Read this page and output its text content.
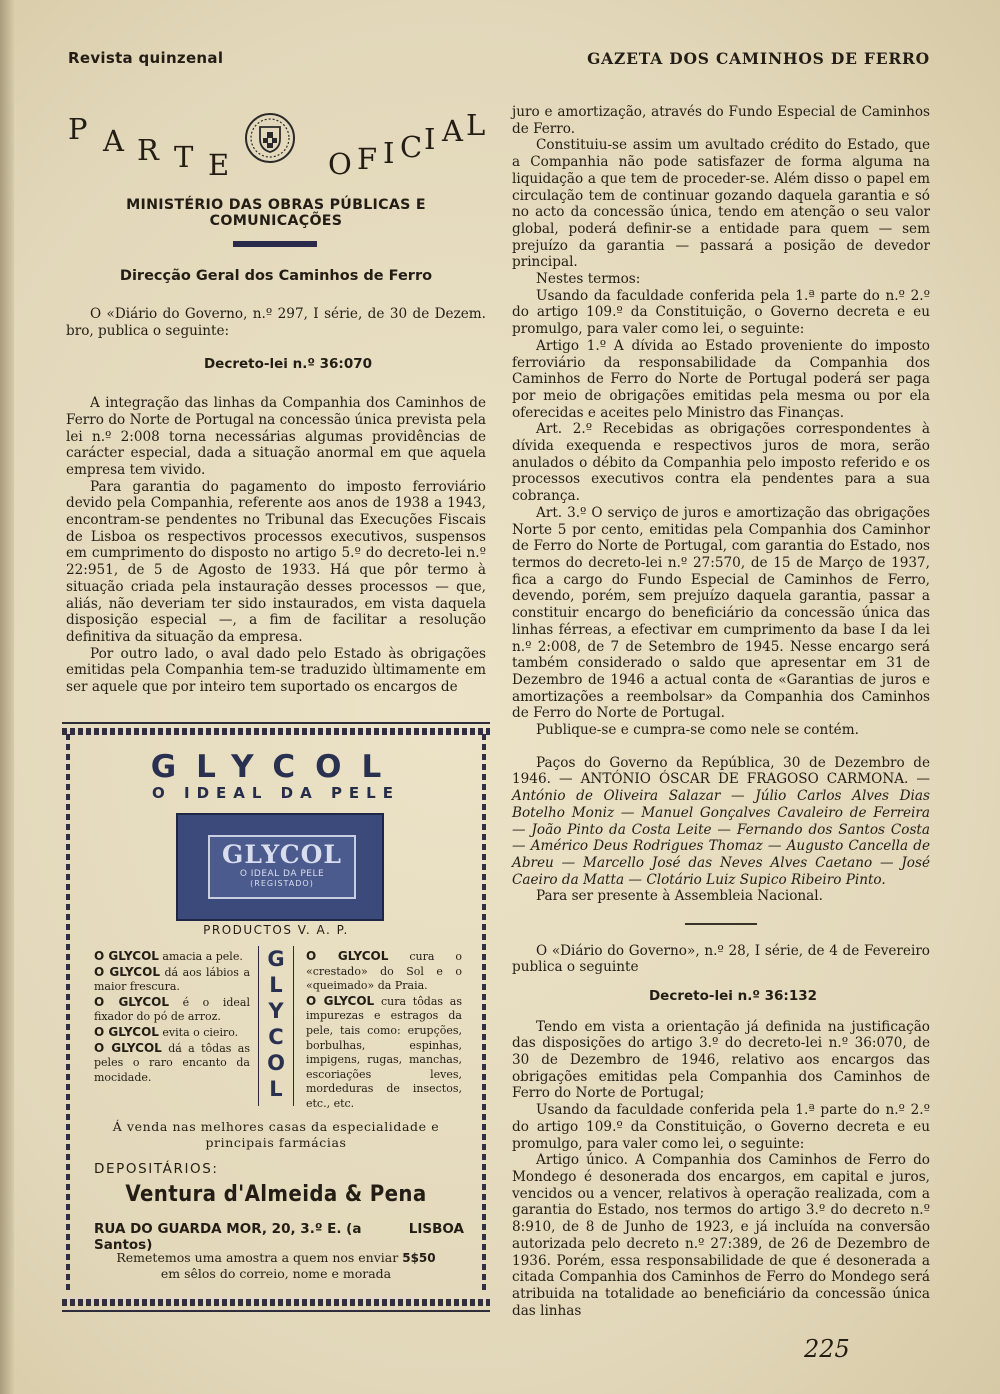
Revista quinzenal	GAZETA DOS CAMINHOS DE FERRO
P A R T E	O F I C I A L
MINISTÉRIO DAS OBRAS PÚBLICAS E COMUNICAÇÕES
Direcção Geral dos Caminhos de Ferro

O «Diário do Governo, n.º 297, I série, de 30 de Dezem. bro, publica o seguinte:

Decreto-lei n.º 36:070

A integração das linhas da Companhia dos Caminhos de Ferro do Norte de Portugal na concessão única prevista pela lei n.º 2:008 torna necessárias algumas providências de carácter especial, dada a situação anormal em que aquela empresa tem vivido.

Para garantia do pagamento do imposto ferroviário devido pela Companhia, referente aos anos de 1938 a 1943, encontram-se pendentes no Tribunal das Execuções Fiscais de Lisboa os respectivos processos executivos, suspensos em cumprimento do disposto no artigo 5.º do decreto-lei n.º 22:951, de 5 de Agosto de 1933. Há que pôr termo à situação criada pela instauração desses processos — que, aliás, não deveriam ter sido instaurados, em vista daquela disposição especial —, a fim de facilitar a resolução definitiva da situação da empresa.

Por outro lado, o aval dado pelo Estado às obrigações emitidas pela Companhia tem-se traduzido ùltimamente em ser aquele que por inteiro tem suportado os encargos de

GLYCOL
O IDEAL DA PELE
GLYCOL
O IDEAL DA PELE
(REGISTADO)
PRODUCTOS V. A. P.

O GLYCOL amacia a pele.

O GLYCOL dá aos lábios a maior frescura.

O GLYCOL é o ideal fixador do pó de arroz.

O GLYCOL evita o cieiro.

O GLYCOL dá a tôdas as peles o raro encanto da mocidade.

G
L
Y
C
O
L

O GLYCOL cura o «crestado» do Sol e o «queimado» da Praia.

O GLYCOL cura tôdas as impurezas e estragos da pele, tais como: erupções, borbulhas, espinhas, impigens, rugas, manchas, escoriações leves, mordeduras de insectos, etc., etc.

Á venda nas melhores casas da especialidade e principais farmácias
DEPOSITÁRIOS:
Ventura d'Almeida & Pena
RUA DO GUARDA MOR, 20, 3.º E. (a Santos)
LISBOA
Remetemos uma amostra a quem nos enviar 5$50
em sêlos do correio, nome e morada

juro e amortização, através do Fundo Especial de Caminhos de Ferro.

Constituiu-se assim um avultado crédito do Estado, que a Companhia não pode satisfazer de forma alguma na liquidação a que tem de proceder-se. Além disso o papel em circulação tem de continuar gozando daquela garantia e só no acto da concessão única, tendo em atenção o seu valor global, poderá definir-se a entidade para quem — sem prejuízo da garantia — passará a posição de devedor principal.

Nestes termos:

Usando da faculdade conferida pela 1.ª parte do n.º 2.º do artigo 109.º da Constituição, o Governo decreta e eu promulgo, para valer como lei, o seguinte:

Artigo 1.º A dívida ao Estado proveniente do imposto ferroviário da responsabilidade da Companhia dos Caminhos de Ferro do Norte de Portugal poderá ser paga por meio de obrigações emitidas pela mesma ou por ela oferecidas e aceites pelo Ministro das Finanças.

Art. 2.º Recebidas as obrigações correspondentes à dívida exequenda e respectivos juros de mora, serão anulados o débito da Companhia pelo imposto referido e os processos executivos contra ela pendentes para a sua cobrança.

Art. 3.º O serviço de juros e amortização das obrigações Norte 5 por cento, emitidas pela Companhia dos Caminhor de Ferro do Norte de Portugal, com garantia do Estado, nos termos do decreto-lei n.º 27:570, de 15 de Março de 1937, fica a cargo do Fundo Especial de Caminhos de Ferro, devendo, porém, sem prejuízo daquela garantia, passar a constituir encargo do beneficiário da concessão única das linhas férreas, a efectivar em cumprimento da base I da lei n.º 2:008, de 7 de Setembro de 1945. Nesse encargo será também considerado o saldo que apresentar em 31 de Dezembro de 1946 a actual conta de «Garantias de juros e amortizações a reembolsar» da Companhia dos Caminhos de Ferro do Norte de Portugal.

Publique-se e cumpra-se como nele se contém.

Paços do Governo da República, 30 de Dezembro de 1946. — ANTÓNIO ÓSCAR DE FRAGOSO CARMONA. — António de Oliveira Salazar — Júlio Carlos Alves Dias Botelho Moniz — Manuel Gonçalves Cavaleiro de Ferreira — João Pinto da Costa Leite — Fernando dos Santos Costa — Américo Deus Rodrigues Thomaz — Augusto Cancella de Abreu — Marcello José das Neves Alves Caetano — José Caeiro da Matta — Clotário Luiz Supico Ribeiro Pinto.

Para ser presente à Assembleia Nacional.

O «Diário do Governo», n.º 28, I série, de 4 de Fevereiro publica o seguinte

Decreto-lei n.º 36:132

Tendo em vista a orientação já definida na justificação das disposições do artigo 3.º do decreto-lei n.º 36:070, de 30 de Dezembro de 1946, relativo aos encargos das obrigações emitidas pela Companhia dos Caminhos de Ferro do Norte de Portugal;

Usando da faculdade conferida pela 1.ª parte do n.º 2.º do artigo 109.º da Constituição, o Governo decreta e eu promulgo, para valer como lei, o seguinte:

Artigo único. A Companhia dos Caminhos de Ferro do Mondego é desonerada dos encargos, em capital e juros, vencidos ou a vencer, relativos à operação realizada, com a garantia do Estado, nos termos do artigo 3.º do decreto n.º 8:910, de 8 de Junho de 1923, e já incluída na conversão autorizada pelo decreto n.º 27:389, de 26 de Dezembro de 1936. Porém, essa responsabilidade de que é desonerada a citada Companhia dos Caminhos de Ferro do Mondego será atribuida na totalidade ao beneficiário da concessão única das linhas

225
